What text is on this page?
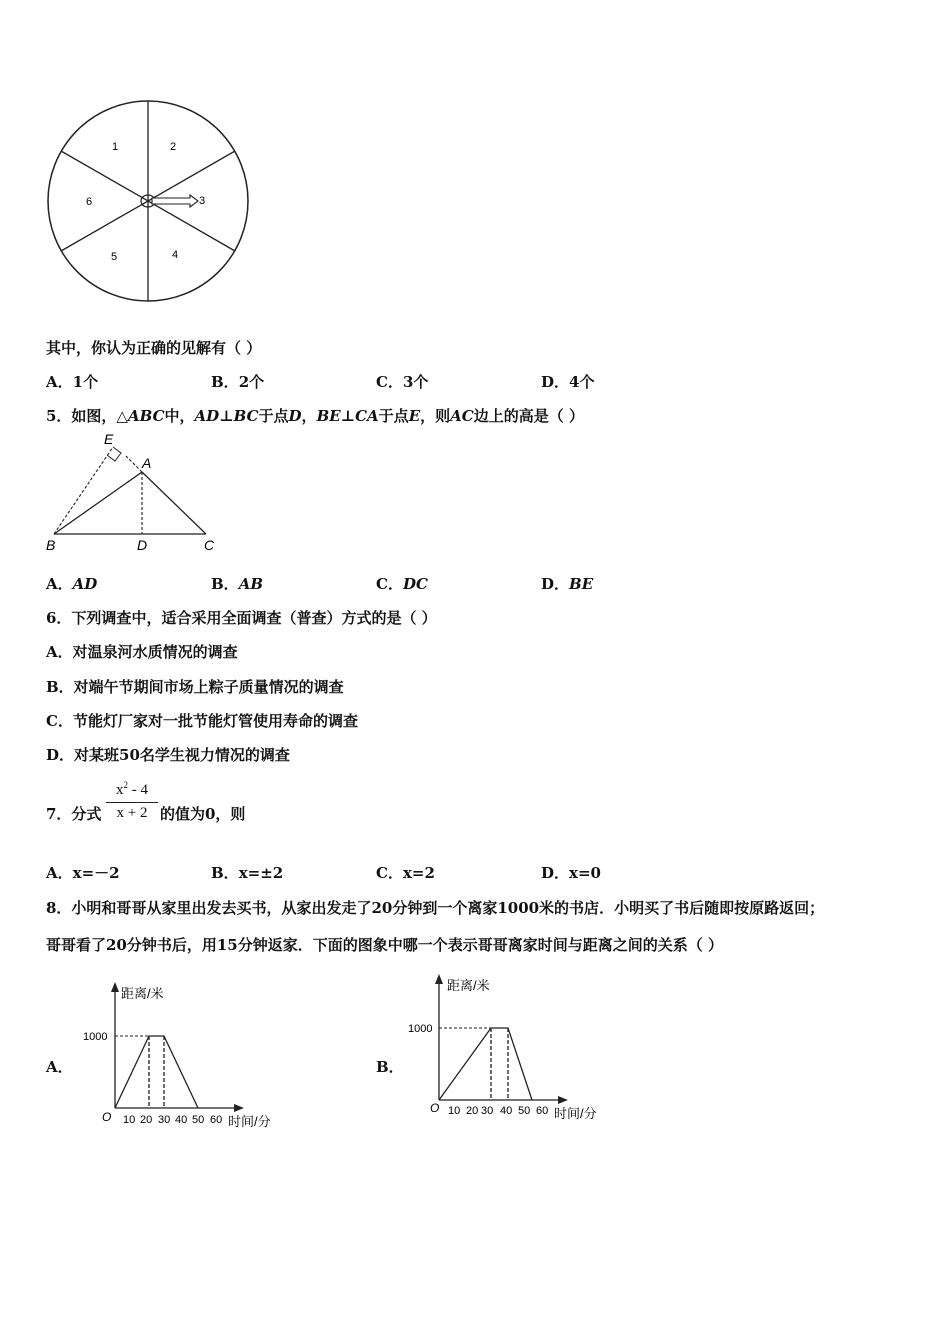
1	2
3
4
5
6
其中，你认为正确的见解有（ ）
A．1个	B．2个	C．3个	D．4个
5．如图，△ABC中，AD⊥BC于点D，BE⊥CA于点E，则AC边上的高是（ ）
E
A
B	D	C
A．AD	B．AB	C．DC	D．BE
6．下列调查中，适合采用全面调查（普查）方式的是（ ）
A．对温泉河水质情况的调查
B．对端午节期间市场上粽子质量情况的调查
C．节能灯厂家对一批节能灯管使用寿命的调查
D．对某班50名学生视力情况的调查
7．分式
$x^2 - 4$
x + 2 的值为0，则
A．x=－2	B．x=±2	C．x=2	D．x=0
8．小明和哥哥从家里出发去买书，从家出发走了20分钟到一个离家1000米的书店．小明买了书后随即按原路返回；
哥哥看了20分钟书后，用15分钟返家．下面的图象中哪一个表示哥哥离家时间与距离之间的关系（ ）
A．
距离/米
1000
O 10 20 30 40 50 60 时间/分
B．
距离/米
1000
O 10 20 30 40 50 60 时间/分
